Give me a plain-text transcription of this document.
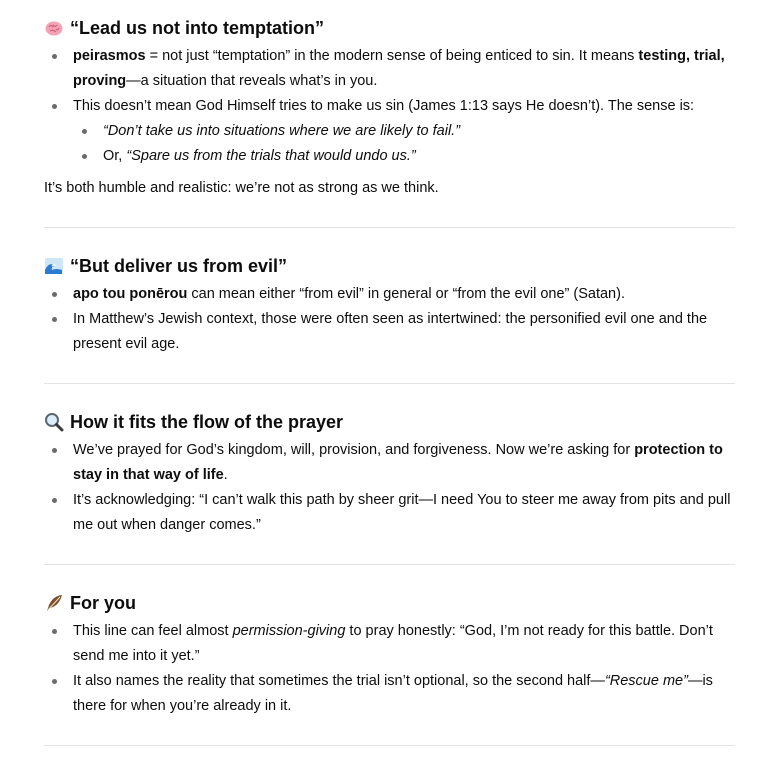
“Lead us not into temptation”
peirasmos = not just “temptation” in the modern sense of being enticed to sin. It means testing, trial, proving—a situation that reveals what’s in you.
This doesn’t mean God Himself tries to make us sin (James 1:13 says He doesn’t). The sense is:
“Don’t take us into situations where we are likely to fail.”
Or, “Spare us from the trials that would undo us.”

It’s both humble and realistic: we’re not as strong as we think.

“But deliver us from evil”
apo tou ponērou can mean either “from evil” in general or “from the evil one” (Satan).
In Matthew’s Jewish context, those were often seen as intertwined: the personified evil one and the present evil age.
How it fits the flow of the prayer
We’ve prayed for God’s kingdom, will, provision, and forgiveness. Now we’re asking for protection to stay in that way of life.
It’s acknowledging: “I can’t walk this path by sheer grit—I need You to steer me away from pits and pull me out when danger comes.”
For you
This line can feel almost permission-giving to pray honestly: “God, I’m not ready for this battle. Don’t send me into it yet.”
It also names the reality that sometimes the trial isn’t optional, so the second half—“Rescue me”—is there for when you’re already in it.
